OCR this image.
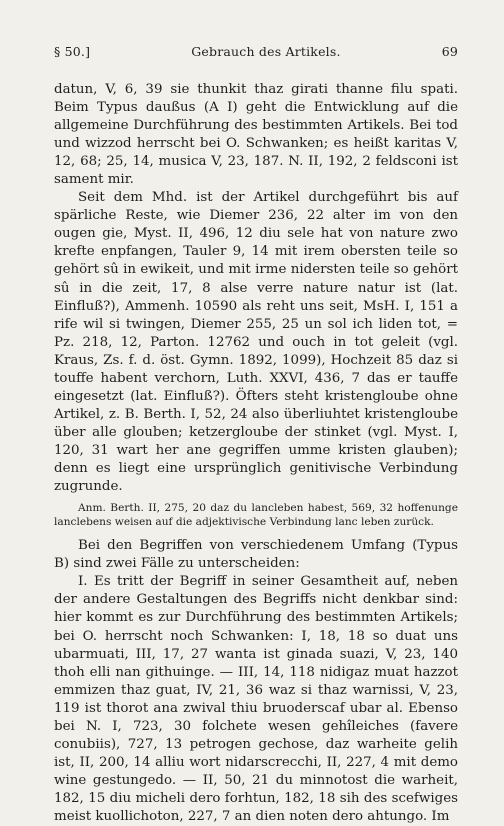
§ 50.]	Gebrauch des Artikels.	69

datun, V, 6, 39 sie thunkit thaz girati thanne filu spati. Beim Typus daußus (A I) geht die Entwicklung auf die allgemeine Durchführung des bestimmten Artikels. Bei tod und wizzod herrscht bei O. Schwanken; es heißt karitas V, 12, 68; 25, 14, musica V, 23, 187. N. II, 192, 2 feldsconi ist sament mir.

Seit dem Mhd. ist der Artikel durchgeführt bis auf spärliche Reste, wie Diemer 236, 22 alter im von den ougen gie, Myst. II, 496, 12 diu sele hat von nature zwo krefte enpfangen, Tauler 9, 14 mit irem obersten teile so gehört sû in ewikeit, und mit irme nidersten teile so gehört sû in die zeit, 17, 8 alse verre nature natur ist (lat. Einfluß?), Ammenh. 10590 als reht uns seit, MsH. I, 151 a rife wil si twingen, Diemer 255, 25 un sol ich liden tot, = Pz. 218, 12, Parton. 12762 und ouch in tot geleit (vgl. Kraus, Zs. f. d. öst. Gymn. 1892, 1099), Hochzeit 85 daz si touffe habent verchorn, Luth. XXVI, 436, 7 das er tauffe eingesetzt (lat. Einfluß?). Öfters steht kristengloube ohne Artikel, z. B. Berth. I, 52, 24 also überliuhtet kristengloube über alle glouben; ketzergloube der stinket (vgl. Myst. I, 120, 31 wart her ane gegriffen umme kristen glauben); denn es liegt eine ursprünglich genitivische Verbindung zugrunde.

Anm. Berth. II, 275, 20 daz du lancleben habest, 569, 32 hoffenunge lanclebens weisen auf die adjektivische Verbindung lanc leben zurück.

Bei den Begriffen von verschiedenem Umfang (Typus B) sind zwei Fälle zu unterscheiden:

I. Es tritt der Begriff in seiner Gesamtheit auf, neben der andere Gestaltungen des Begriffs nicht denkbar sind: hier kommt es zur Durchführung des bestimmten Artikels; bei O. herrscht noch Schwanken: I, 18, 18 so duat uns ubarmuati, III, 17, 27 wanta ist ginada suazi, V, 23, 140 thoh elli nan githuinge. — III, 14, 118 nidigaz muat hazzot emmizen thaz guat, IV, 21, 36 waz si thaz warnissi, V, 23, 119 ist thorot ana zwival thiu bruoderscaf ubar al. Ebenso bei N. I, 723, 30 folchete wesen gehîleiches (favere conubiis), 727, 13 petrogen gechose, daz warheite gelih ist, II, 200, 14 alliu wort nidarscrecchi, II, 227, 4 mit demo wine gestungedo. — II, 50, 21 du minnotost die warheit, 182, 15 diu micheli dero forhtun, 182, 18 sih des scefwiges meist kuollichoton, 227, 7 an dien noten dero ahtungo. Im
